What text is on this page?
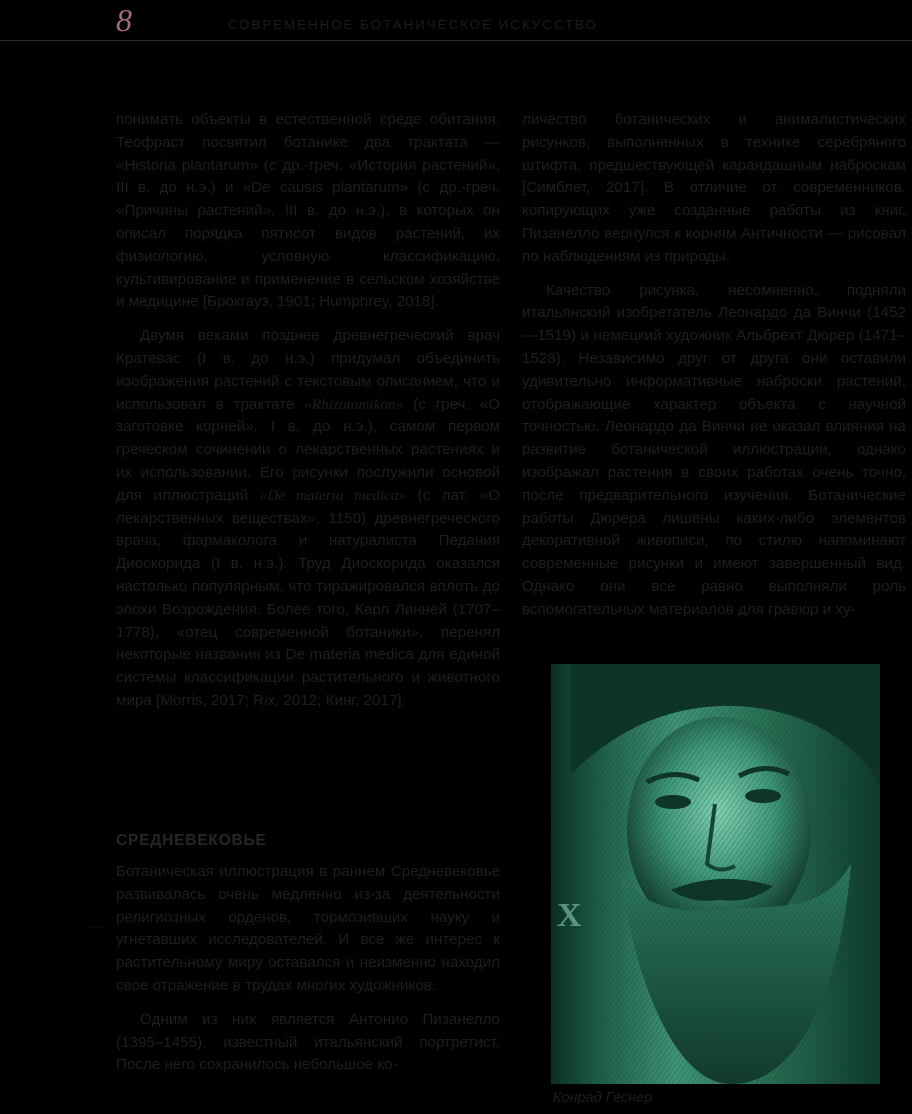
8	СОВРЕМЕННОЕ БОТАНИЧЕСКОЕ ИСКУССТВО

понимать объекты в естественной среде обитания. Теофраст посвятил ботанике два трактата — «Historia plantarum» (с др.-греч. «История растений», III в. до н.э.) и «De causis plantarum» (с др.-греч. «Причины растений», III в. до н.э.), в которых он описал порядка пятисот видов растений, их физиологию, условную классификацию, культивирование и применение в сельском хозяйстве и медицине [Брокгауз, 1901; Humphrey, 2018].

Двумя веками позднее древнегреческий врач Кратевас (I в. до н.э.) придумал объединить изображения растений с текстовым описанием, что и использовал в трактате «Rhizotomikon» (с греч. «О заготовке корней», I в. до н.э.), самом первом греческом сочинении о лекарственных растениях и их использовании. Его рисунки послужили основой для иллюстраций «De materia medica» (с лат. «О лекарственных веществах», 1150) древнегреческого врача, фармаколога и натуралиста Педания Диоскорида (I в. н.э.). Труд Диоскорида оказался настолько популярным, что тиражировался вплоть до эпохи Возрождения. Более того, Карл Линней (1707–1778), «отец современной ботаники», перенял некоторые названия из De materia medica для единой системы классификации растительного и животного мира [Morris, 2017; Rix, 2012; Кинг, 2017].

СРЕДНЕВЕКОВЬЕ
...

Ботаническая иллюстрация в раннем Средневековье развивалась очень медленно из-за деятельности религиозных орденов, тормозивших науку и угнетавших исследователей. И все же интерес к растительному миру оставался и неизменно находил свое отражение в трудах многих художников.

Одним из них является Антонио Пизанелло (1395–1455), известный итальянский портретист. После него сохранилось небольшое ко-

личество ботанических и анималистических рисунков, выполненных в технике серебряного штифта, предшествующей карандашным наброскам [Симблет, 2017]. В отличие от современников, копирующих уже созданные работы из книг, Пизанелло вернулся к корням Античности — рисовал по наблюдениям из природы.

Качество рисунка, несомненно, подняли итальянский изобретатель Леонардо да Винчи (1452—1519) и немецкий художник Альбрехт Дюрер (1471–1528). Независимо друг от друга они оставили удивительно информативные наброски растений, отображающие характер объекта с научной точностью. Леонардо да Винчи не оказал влияния на развитие ботанической иллюстрации, однако изображал растения в своих работах очень точно, после предварительного изучения. Ботанические работы Дюрера лишены каких-либо элементов декоративной живописи, по стилю напоминают современные рисунки и имеют завершенный вид. Однако они все равно выполняли роль вспомогательных материалов для гравюр и ху-

X
Конрад Геснер
